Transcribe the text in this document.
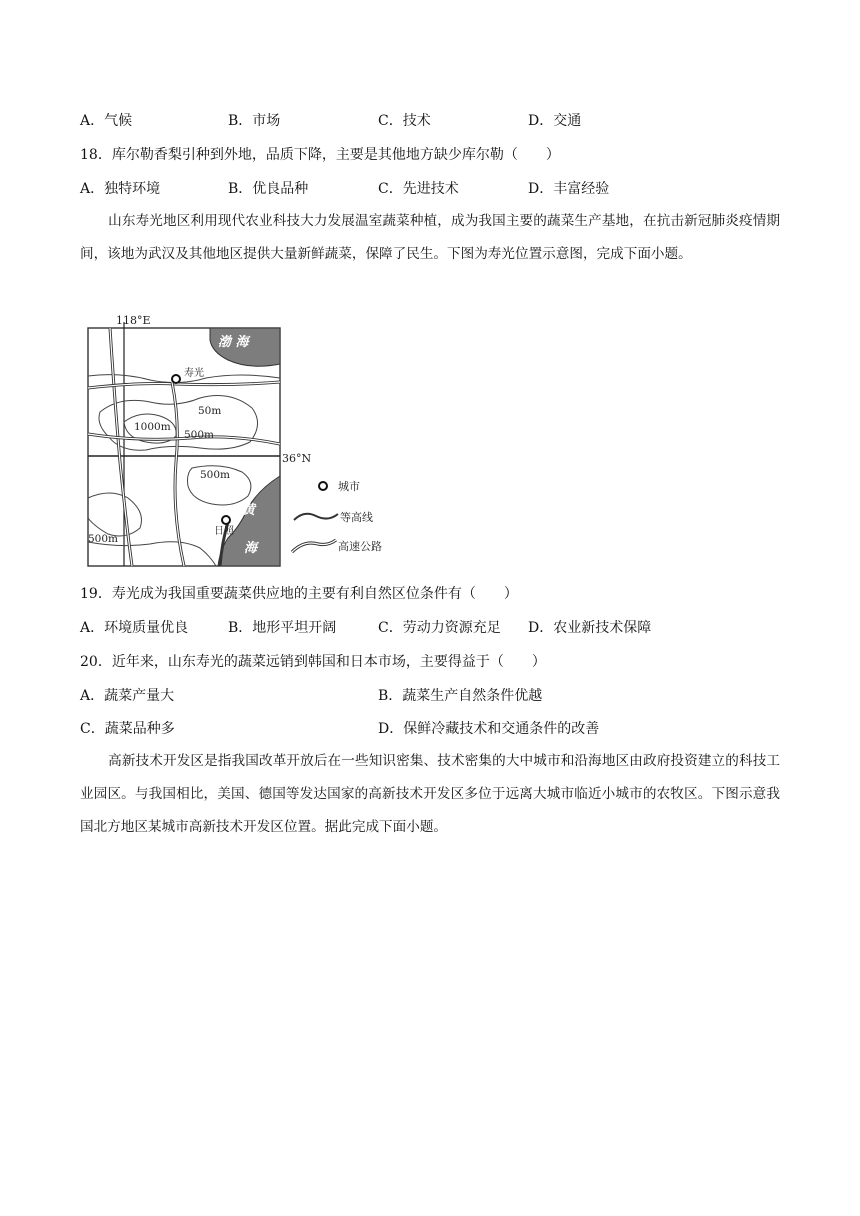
A．气候	B．市场	C．技术	D．交通
18．库尔勒香梨引种到外地，品质下降，主要是其他地方缺少库尔勒（　　）
A．独特环境	B．优良品种	C．先进技术	D．丰富经验
山东寿光地区利用现代农业科技大力发展温室蔬菜种植，成为我国主要的蔬菜生产基地，在抗击新冠肺炎疫情期间，该地为武汉及其他地区提供大量新鲜蔬菜，保障了民生。下图为寿光位置示意图，完成下面小题。
118°E
36°N
渤 海
黄
海
寿光
日照
50m
1000m
500m
500m
500m
城市
等高线
高速公路
19．寿光成为我国重要蔬菜供应地的主要有利自然区位条件有（　　）
A．环境质量优良	B．地形平坦开阔	C．劳动力资源充足 D．农业新技术保障
20．近年来，山东寿光的蔬菜远销到韩国和日本市场，主要得益于（　　）
A．蔬菜产量大	B．蔬菜生产自然条件优越
C．蔬菜品种多	D．保鲜冷藏技术和交通条件的改善
高新技术开发区是指我国改革开放后在一些知识密集、技术密集的大中城市和沿海地区由政府投资建立的科技工业园区。与我国相比，美国、德国等发达国家的高新技术开发区多位于远离大城市临近小城市的农牧区。下图示意我国北方地区某城市高新技术开发区位置。据此完成下面小题。
